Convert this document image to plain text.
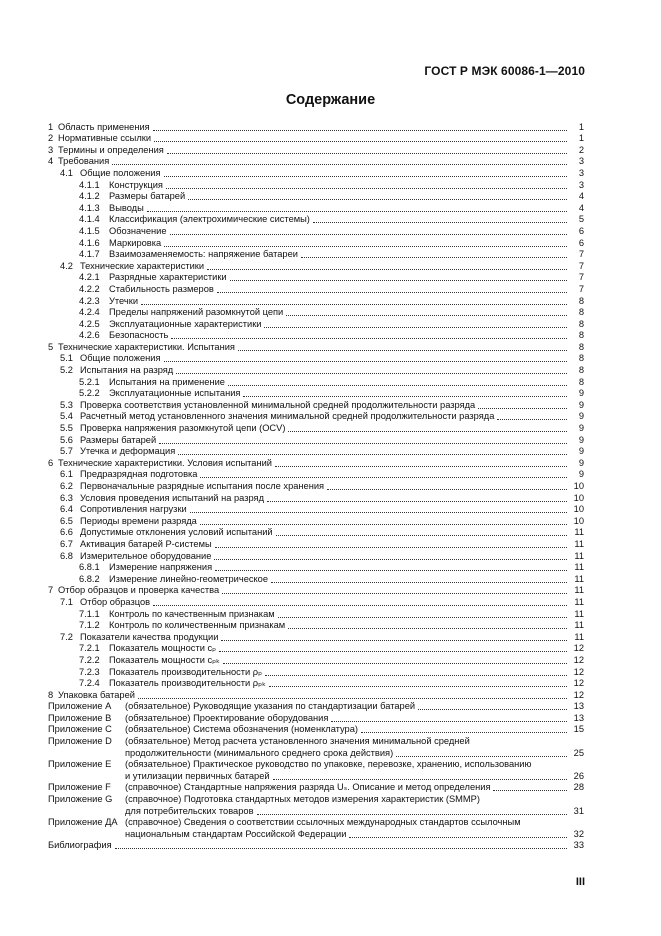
ГОСТ Р МЭК 60086-1—2010
Содержание
1 Область применения	1
2 Нормативные ссылки	1
3 Термины и определения	2
4 Требования	3
4.1 Общие положения	3
4.1.1	Конструкция	3
4.1.2	Размеры батарей	4
4.1.3	Выводы	4
4.1.4	Классификация (электрохимические системы)	5
4.1.5	Обозначение	6
4.1.6	Маркировка	6
4.1.7	Взаимозаменяемость: напряжение батареи	7
4.2 Технические характеристики	7
4.2.1	Разрядные характеристики	7
4.2.2	Стабильность размеров	7
4.2.3	Утечки	8
4.2.4	Пределы напряжений разомкнутой цепи	8
4.2.5	Эксплуатационные характеристики	8
4.2.6	Безопасность	8
5 Технические характеристики. Испытания	8
5.1 Общие положения	8
5.2 Испытания на разряд	8
5.2.1	Испытания на применение	8
5.2.2	Эксплуатационные испытания	9
5.3 Проверка соответствия установленной минимальной средней продолжительности разряда	9
5.4 Расчетный метод установленного значения минимальной средней продолжительности разряда	9
5.5 Проверка напряжения разомкнутой цепи (OCV)	9
5.6 Размеры батарей	9
5.7 Утечка и деформация	9
6 Технические характеристики. Условия испытаний	9
6.1 Предразрядная подготовка	9
6.2 Первоначальные разрядные испытания после хранения	10
6.3 Условия проведения испытаний на разряд	10
6.4 Сопротивления нагрузки	10
6.5 Периоды времени разряда	10
6.6 Допустимые отклонения условий испытаний	11
6.7 Активация батарей Р-системы	11
6.8 Измерительное оборудование	11
6.8.1	Измерение напряжения	11
6.8.2	Измерение линейно-геометрическое	11
7 Отбор образцов и проверка качества	11
7.1 Отбор образцов	11
7.1.1	Контроль по качественным признакам	11
7.1.2	Контроль по количественным признакам	11
7.2 Показатели качества продукции	11
7.2.1	Показатель мощности cₚ	12
7.2.2	Показатель мощности cₚₖ	12
7.2.3	Показатель производительности ρₚ	12
7.2.4	Показатель производительности ρₚₖ	12
8 Упаковка батарей	12
Приложение А	(обязательное) Руководящие указания по стандартизации батарей	13
Приложение В	(обязательное) Проектирование оборудования	13
Приложение С	(обязательное) Система обозначения (номенклатура)	15
Приложение D	(обязательное) Метод расчета установленного значения минимальной средней
продолжительности (минимального среднего срока действия)	25
Приложение Е	(обязательное) Практическое руководство по упаковке, перевозке, хранению, использованию
и утилизации первичных батарей	26
Приложение F	(справочное) Стандартные напряжения разряда Uₛ. Описание и метод определения	28
Приложение G	(справочное) Подготовка стандартных методов измерения характеристик (SMMP)
для потребительских товаров	31
Приложение ДА (справочное) Сведения о соответствии ссылочных международных стандартов ссылочным
национальным стандартам Российской Федерации	32
Библиография	33
III
